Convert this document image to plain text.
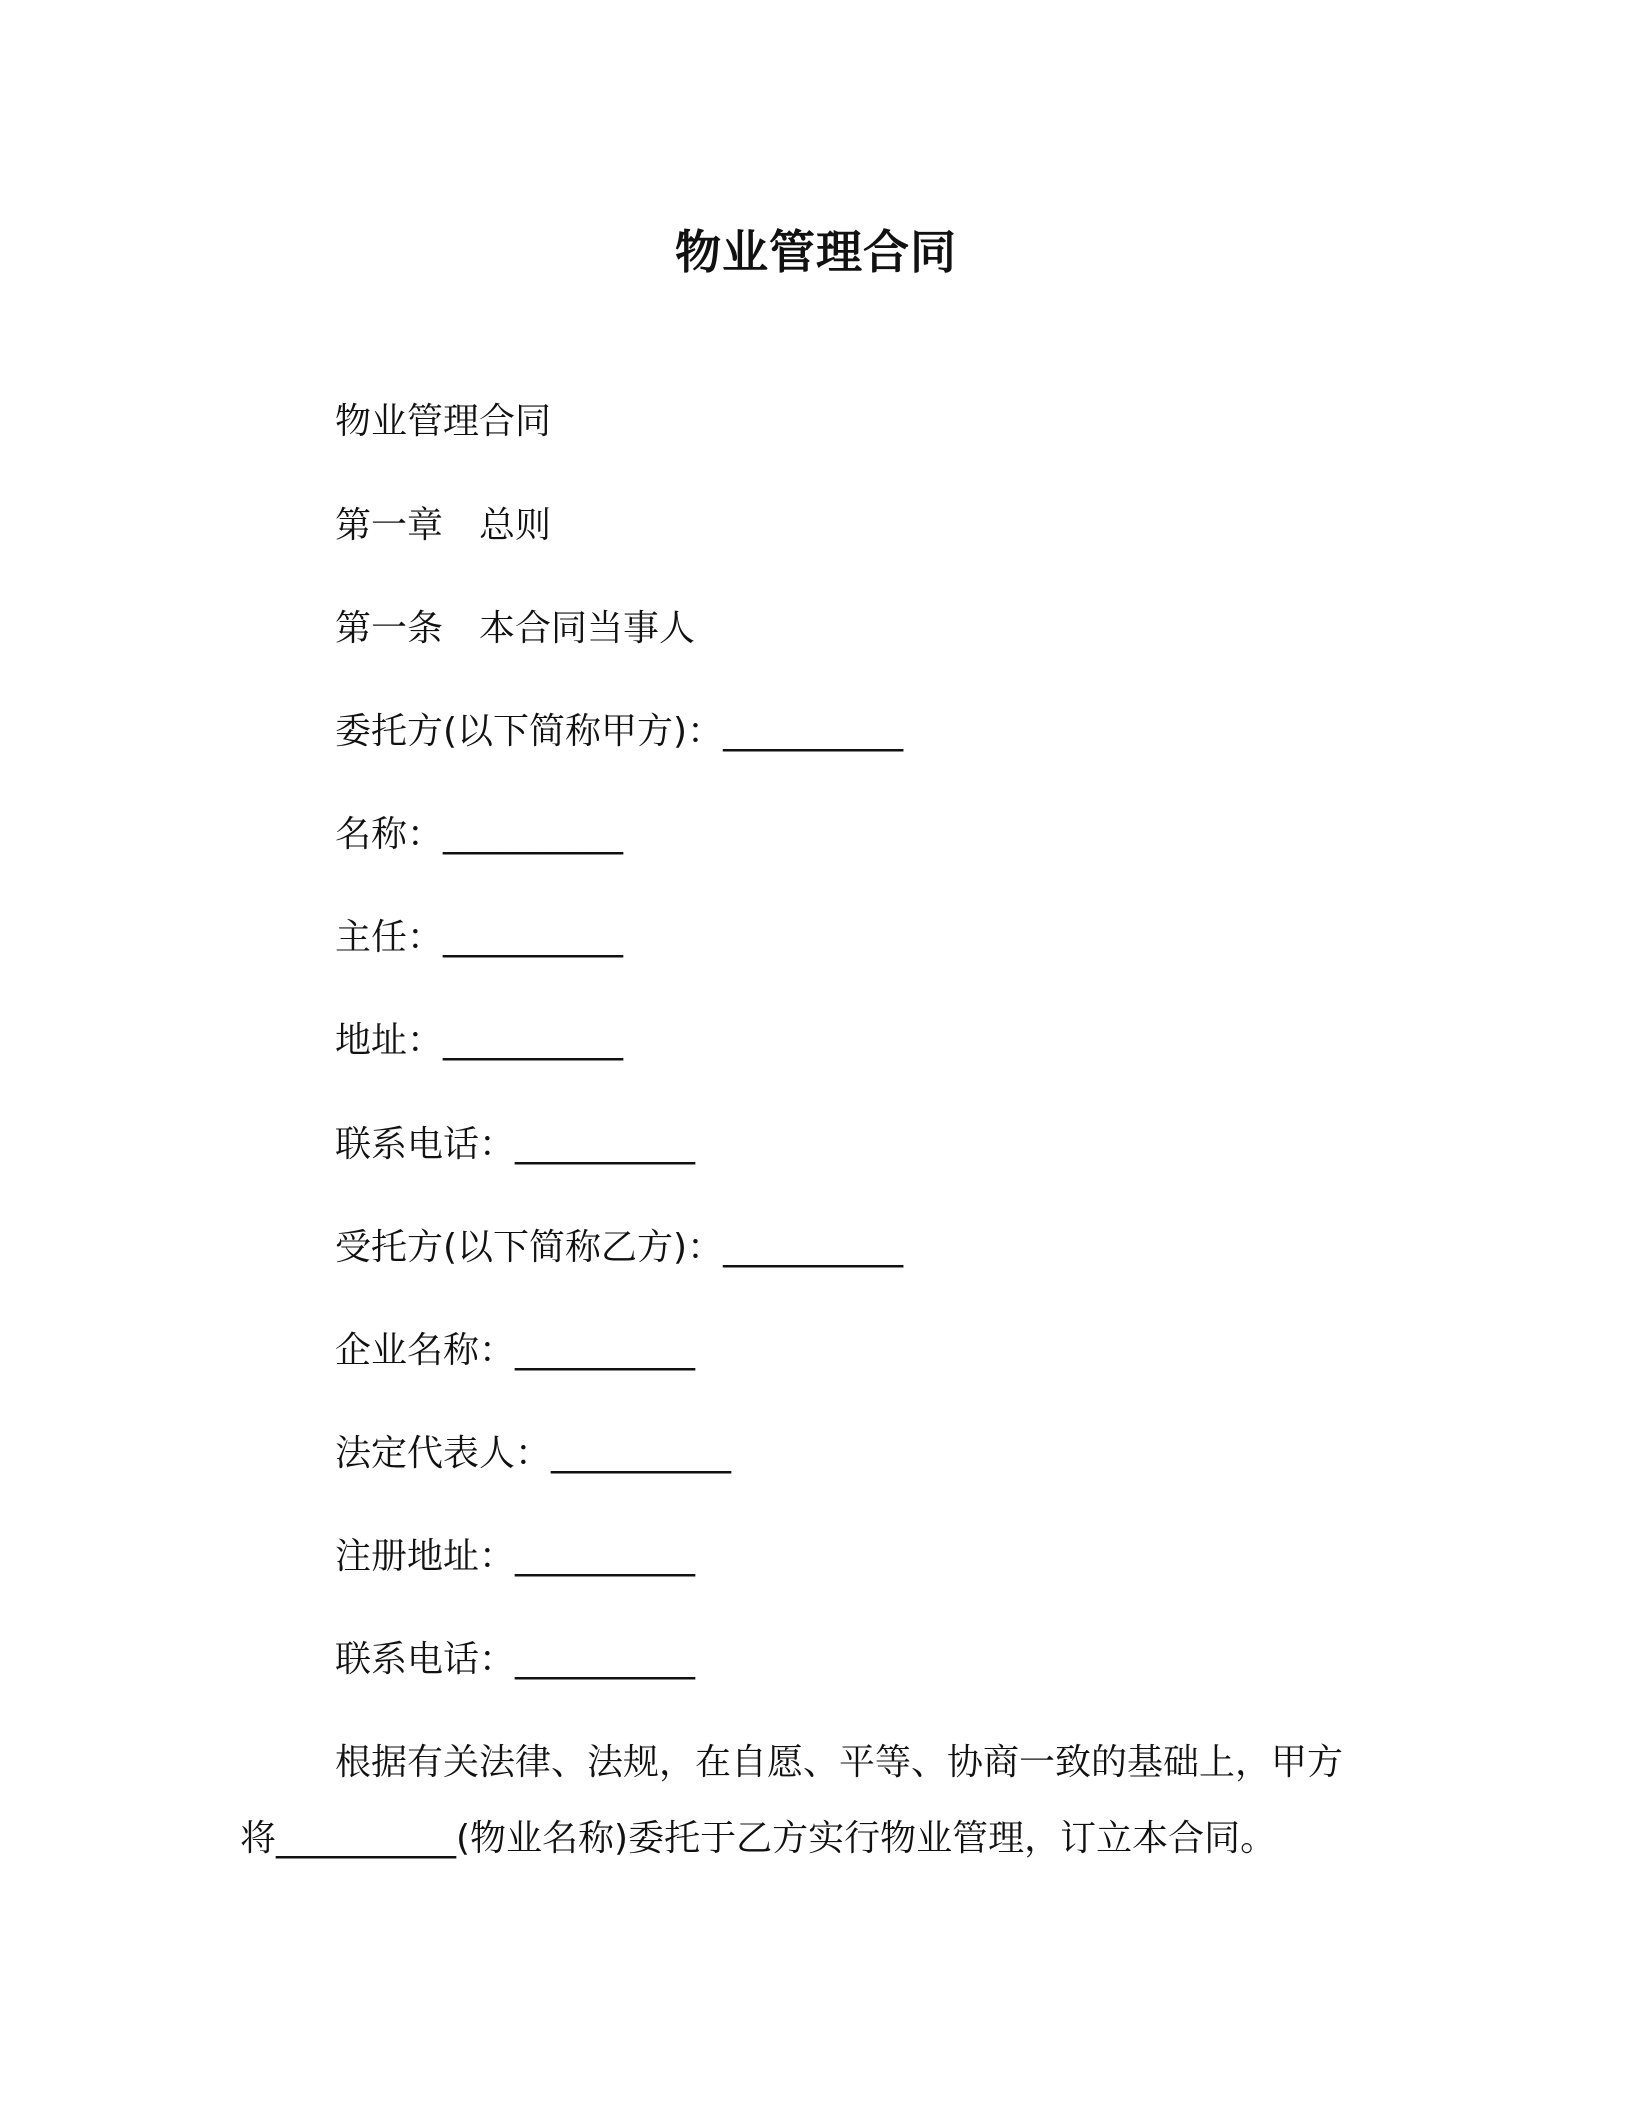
物业管理合同
物业管理合同
第一章 总则
第一条 本合同当事人
委托方(以下简称甲方)：__________
名称：__________
主任：__________
地址：__________
联系电话：__________
受托方(以下简称乙方)：__________
企业名称：__________
法定代表人：__________
注册地址：__________
联系电话：__________
根据有关法律、法规，在自愿、平等、协商一致的基础上，甲方
将__________(物业名称)委托于乙方实行物业管理，订立本合同。
